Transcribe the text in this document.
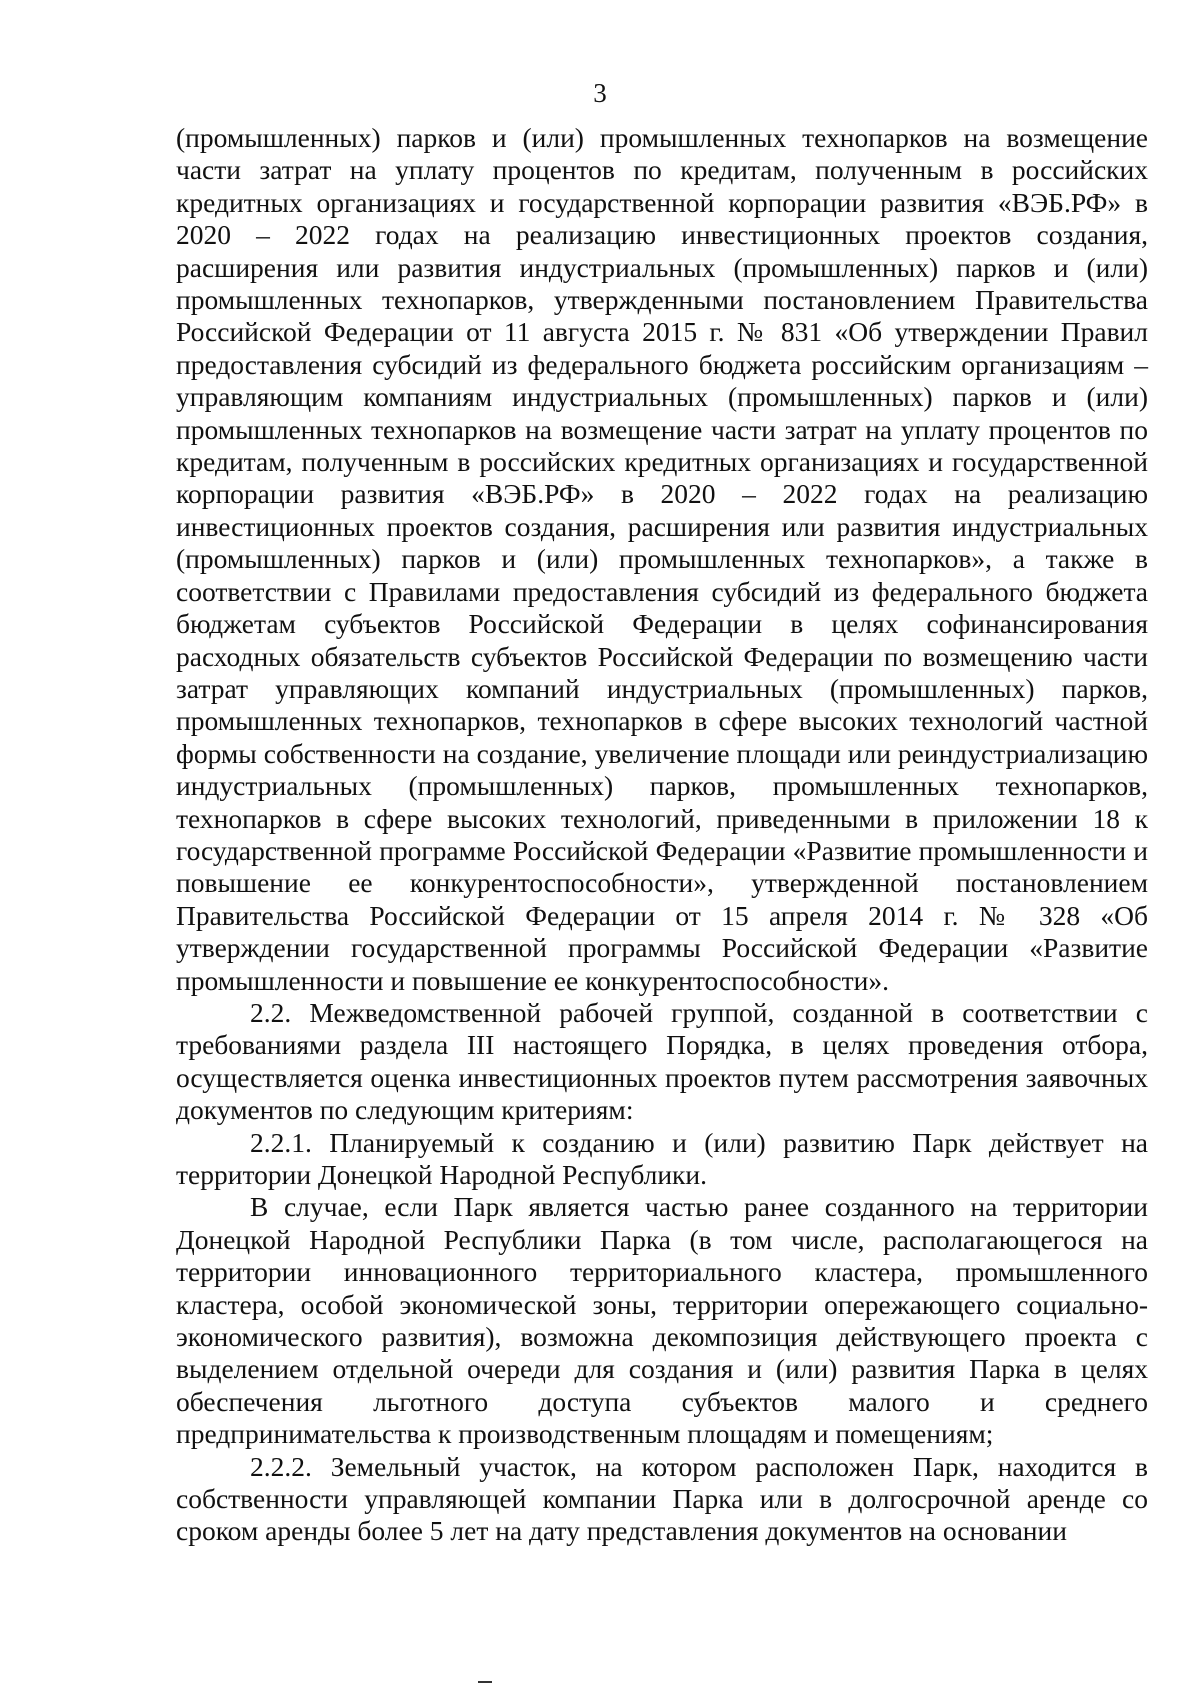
3

(промышленных) парков и (или) промышленных технопарков на возмещение части затрат на уплату процентов по кредитам, полученным в российских кредитных организациях и государственной корпорации развития «ВЭБ.РФ» в 2020 – 2022 годах на реализацию инвестиционных проектов создания, расширения или развития индустриальных (промышленных) парков и (или) промышленных технопарков, утвержденными постановлением Правительства Российской Федерации от 11 августа 2015 г. № 831 «Об утверждении Правил предоставления субсидий из федерального бюджета российским организациям – управляющим компаниям индустриальных (промышленных) парков и (или) промышленных технопарков на возмещение части затрат на уплату процентов по кредитам, полученным в российских кредитных организациях и государственной корпорации развития «ВЭБ.РФ» в 2020 – 2022 годах на реализацию инвестиционных проектов создания, расширения или развития индустриальных (промышленных) парков и (или) промышленных технопарков», а также в соответствии с Правилами предоставления субсидий из федерального бюджета бюджетам субъектов Российской Федерации в целях софинансирования расходных обязательств субъектов Российской Федерации по возмещению части затрат управляющих компаний индустриальных (промышленных) парков, промышленных технопарков, технопарков в сфере высоких технологий частной формы собственности на создание, увеличение площади или реиндустриализацию индустриальных (промышленных) парков, промышленных технопарков, технопарков в сфере высоких технологий, приведенными в приложении 18 к государственной программе Российской Федерации «Развитие промышленности и повышение ее конкурентоспособности», утвержденной постановлением Правительства Российской Федерации от 15 апреля 2014 г. № 328 «Об утверждении государственной программы Российской Федерации «Развитие промышленности и повышение ее конкурентоспособности».

2.2. Межведомственной рабочей группой, созданной в соответствии с требованиями раздела III настоящего Порядка, в целях проведения отбора, осуществляется оценка инвестиционных проектов путем рассмотрения заявочных документов по следующим критериям:

2.2.1. Планируемый к созданию и (или) развитию Парк действует на территории Донецкой Народной Республики.

В случае, если Парк является частью ранее созданного на территории Донецкой Народной Республики Парка (в том числе, располагающегося на территории инновационного территориального кластера, промышленного кластера, особой экономической зоны, территории опережающего социально-экономического развития), возможна декомпозиция действующего проекта с выделением отдельной очереди для создания и (или) развития Парка в целях обеспечения льготного доступа субъектов малого и среднего предпринимательства к производственным площадям и помещениям;

2.2.2. Земельный участок, на котором расположен Парк, находится в собственности управляющей компании Парка или в долгосрочной аренде со сроком аренды более 5 лет на дату представления документов на основании
